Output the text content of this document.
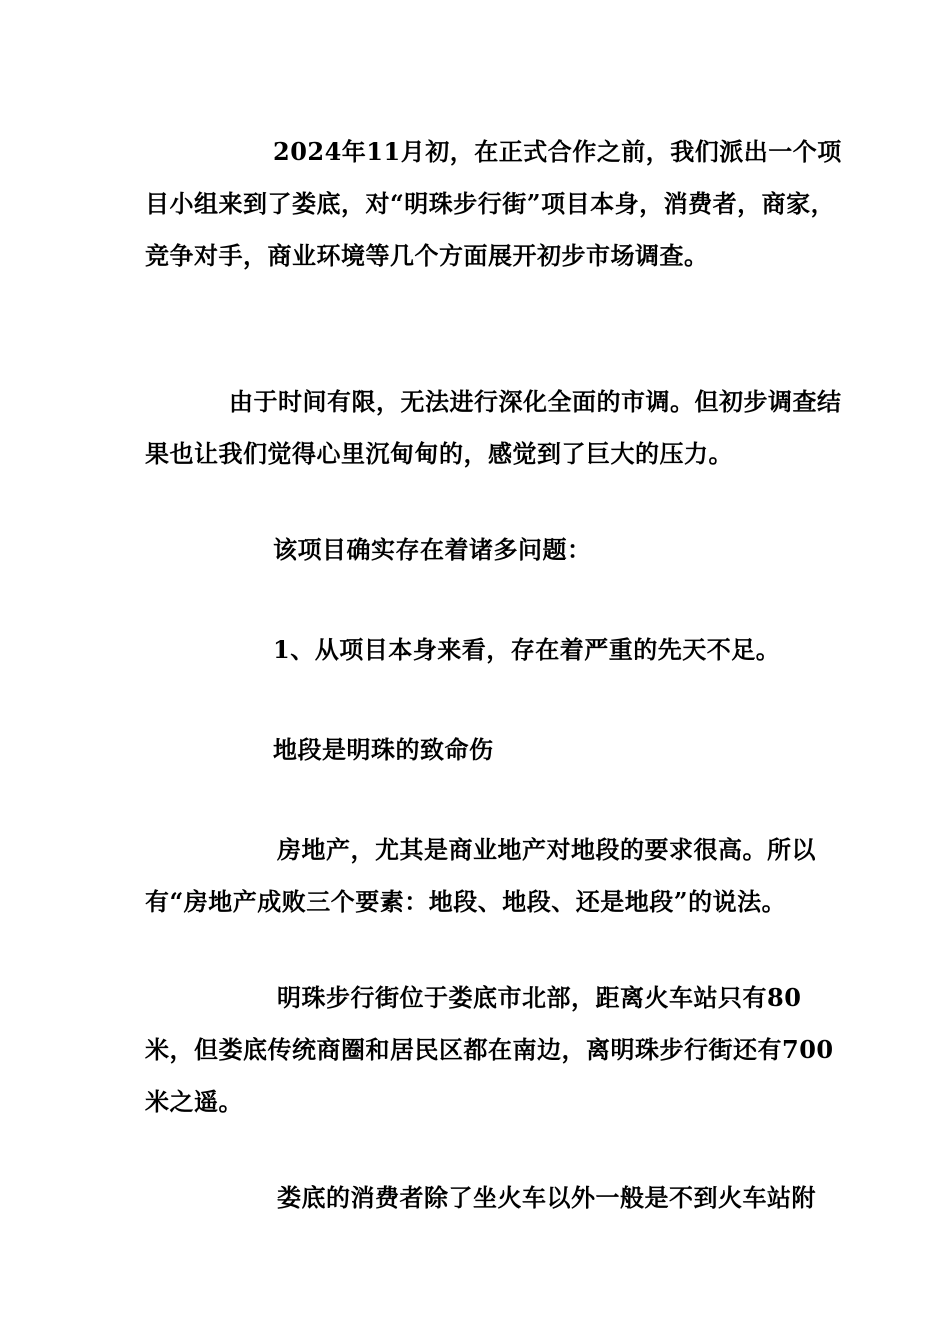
2024年11月初，在正式合作之前，我们派出一个项目小组来到了娄底，对“明珠步行街”项目本身，消费者，商家，竞争对手，商业环境等几个方面展开初步市场调查。

由于时间有限，无法进行深化全面的市调。但初步调查结果也让我们觉得心里沉甸甸的，感觉到了巨大的压力。

该项目确实存在着诸多问题：

1、从项目本身来看，存在着严重的先天不足。

地段是明珠的致命伤

房地产，尤其是商业地产对地段的要求很高。所以有“房地产成败三个要素：地段、地段、还是地段”的说法。

明珠步行街位于娄底市北部，距离火车站只有80米，但娄底传统商圈和居民区都在南边，离明珠步行街还有700米之遥。

娄底的消费者除了坐火车以外一般是不到火车站附
